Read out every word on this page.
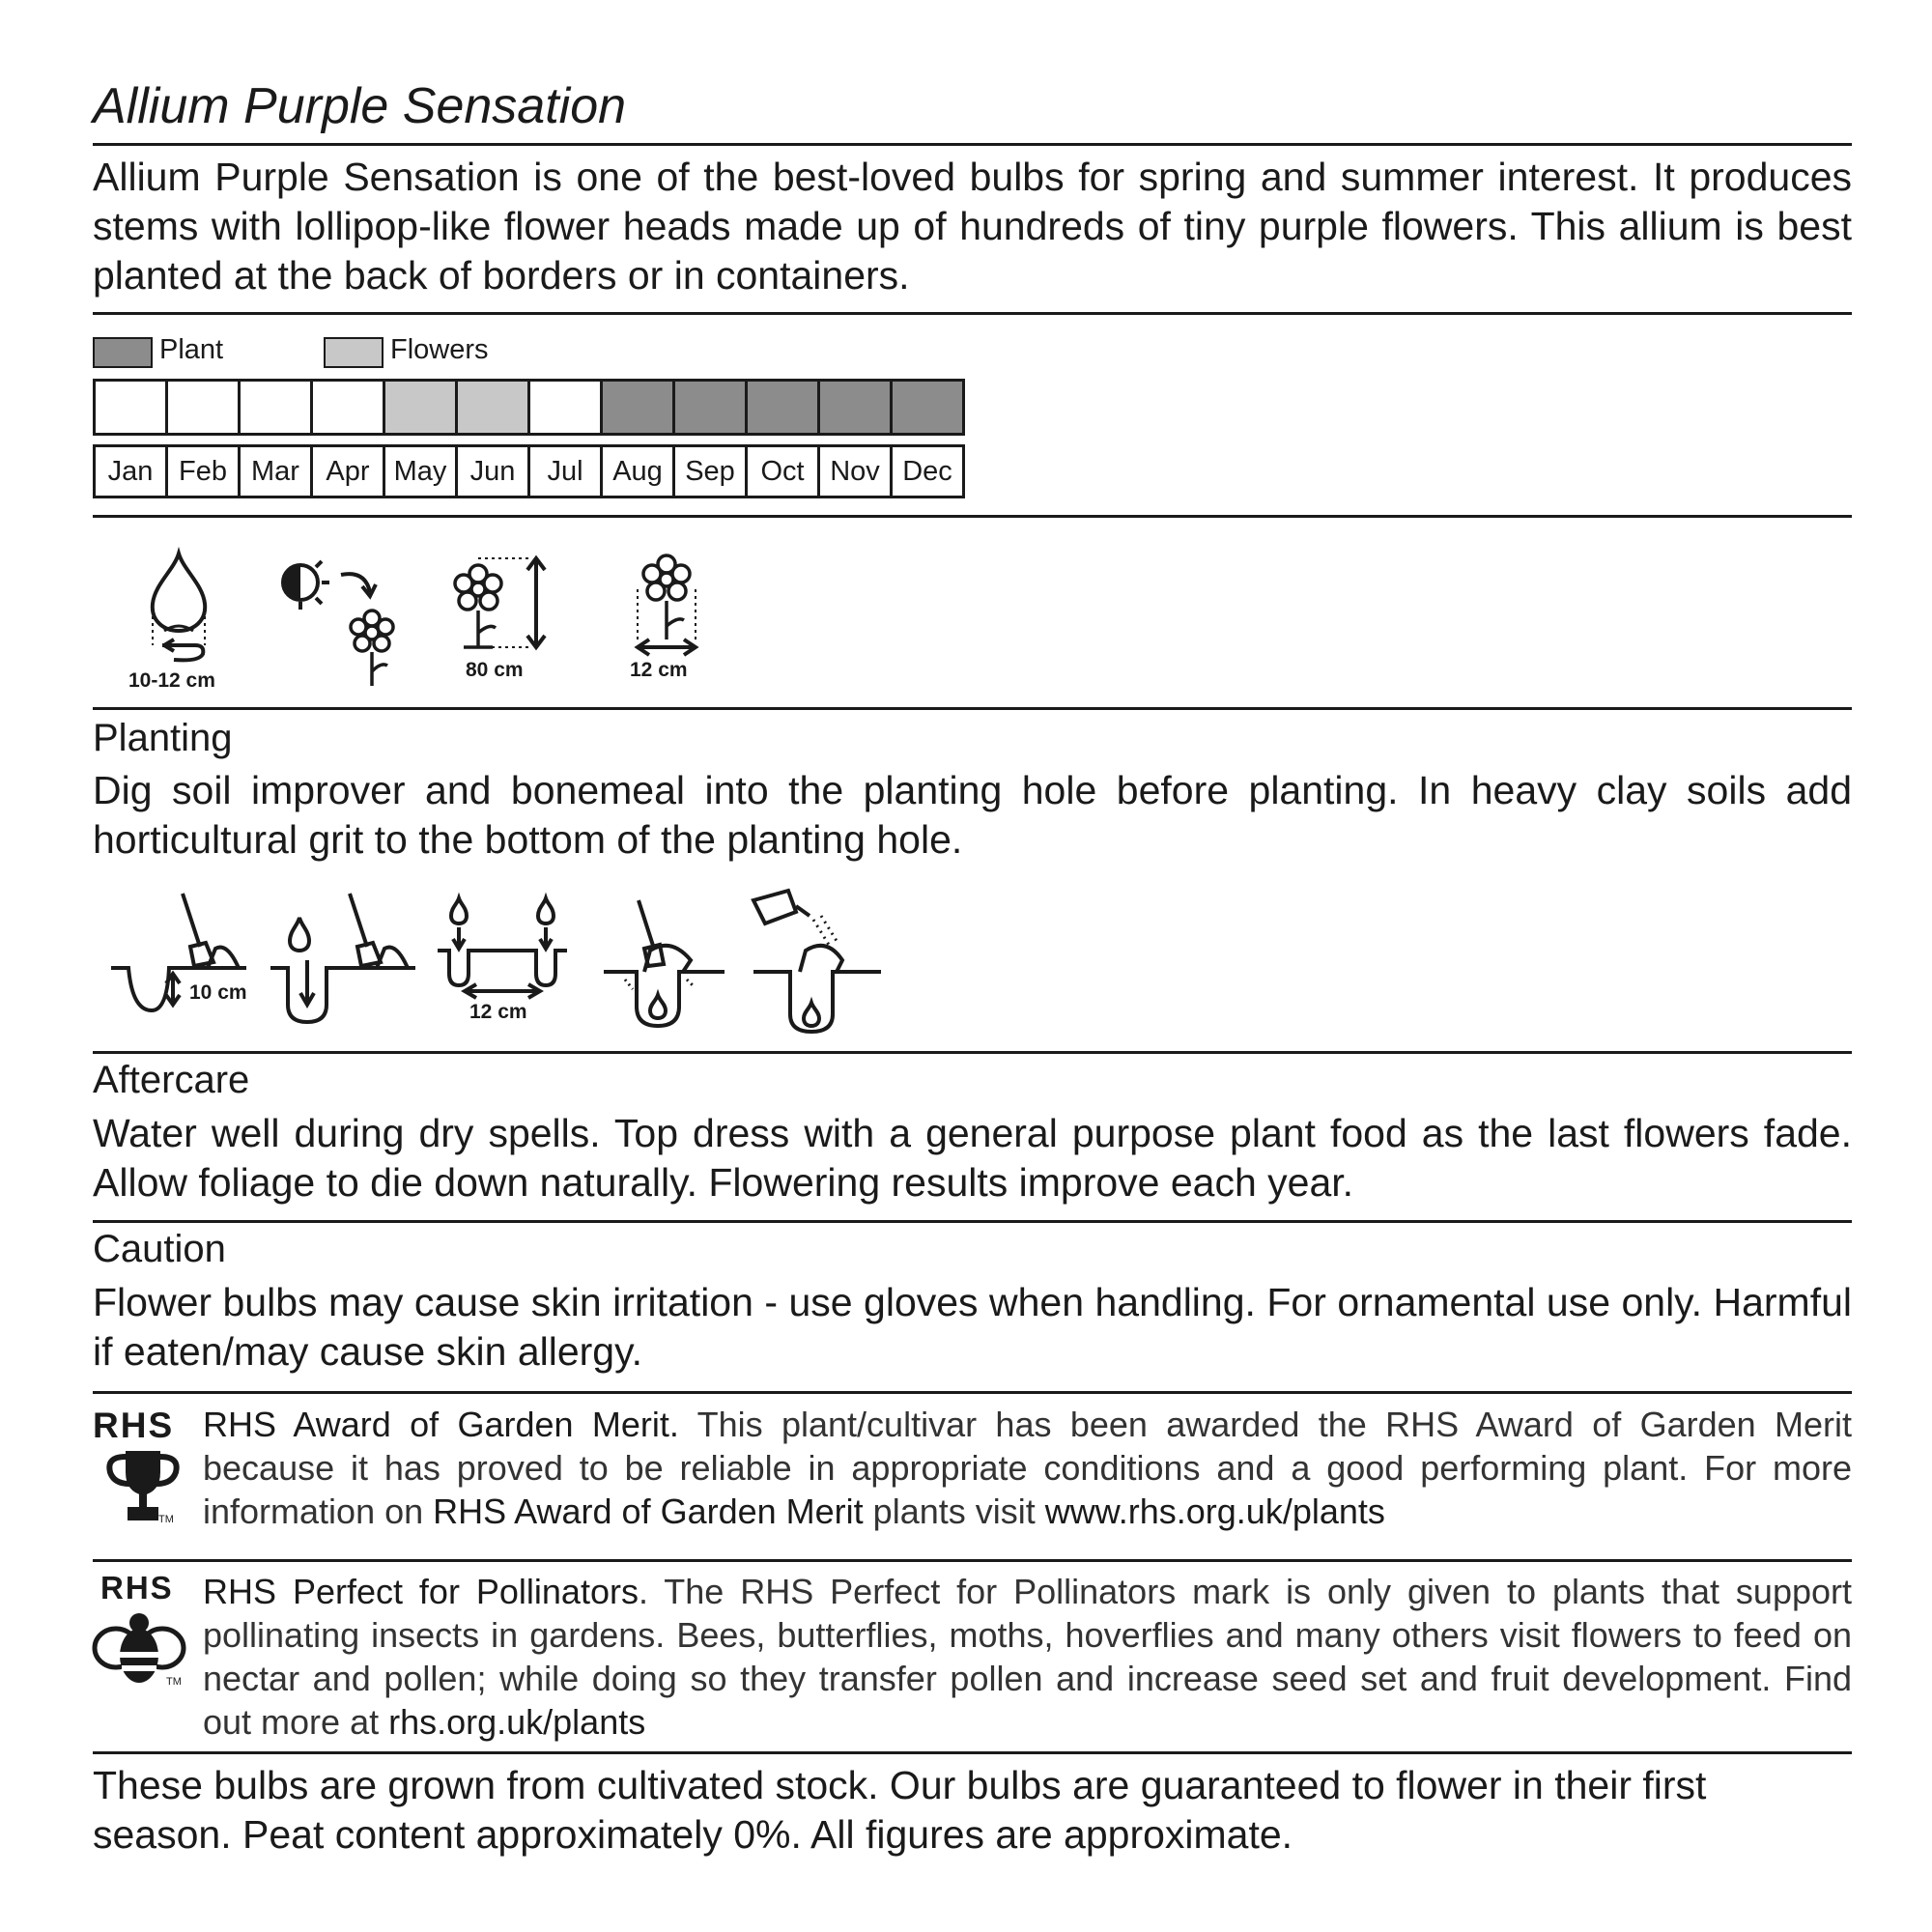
Allium Purple Sensation
Allium Purple Sensation is one of the best-loved bulbs for spring and summer interest. It produces stems with lollipop-like flower heads made up of hundreds of tiny purple flowers. This allium is best planted at the back of borders or in containers.
Plant	Flowers

Jan	Feb	Mar	Apr	May	Jun	Jul	Aug	Sep	Oct	Nov	Dec
10-12 cm	80 cm	12 cm
Planting
Dig soil improver and bonemeal into the planting hole before planting. In heavy clay soils add horticultural grit to the bottom of the planting hole.
10 cm
12 cm
Aftercare
Water well during dry spells. Top dress with a general purpose plant food as the last flowers fade. Allow foliage to die down naturally. Flowering results improve each year.
Caution
Flower bulbs may cause skin irritation - use gloves when handling. For ornamental use only. Harmful if eaten/may cause skin allergy.
RHS
TM
RHS Award of Garden Merit. This plant/cultivar has been awarded the RHS Award of Garden Merit because it has proved to be reliable in appropriate conditions and a good performing plant. For more information on RHS Award of Garden Merit plants visit www.rhs.org.uk/plants
RHS
TM
RHS Perfect for Pollinators. The RHS Perfect for Pollinators mark is only given to plants that support pollinating insects in gardens. Bees, butterflies, moths, hoverflies and many others visit flowers to feed on nectar and pollen; while doing so they transfer pollen and increase seed set and fruit development. Find out more at rhs.org.uk/plants
These bulbs are grown from cultivated stock. Our bulbs are guaranteed to flower in their first season. Peat content approximately 0%. All figures are approximate.
